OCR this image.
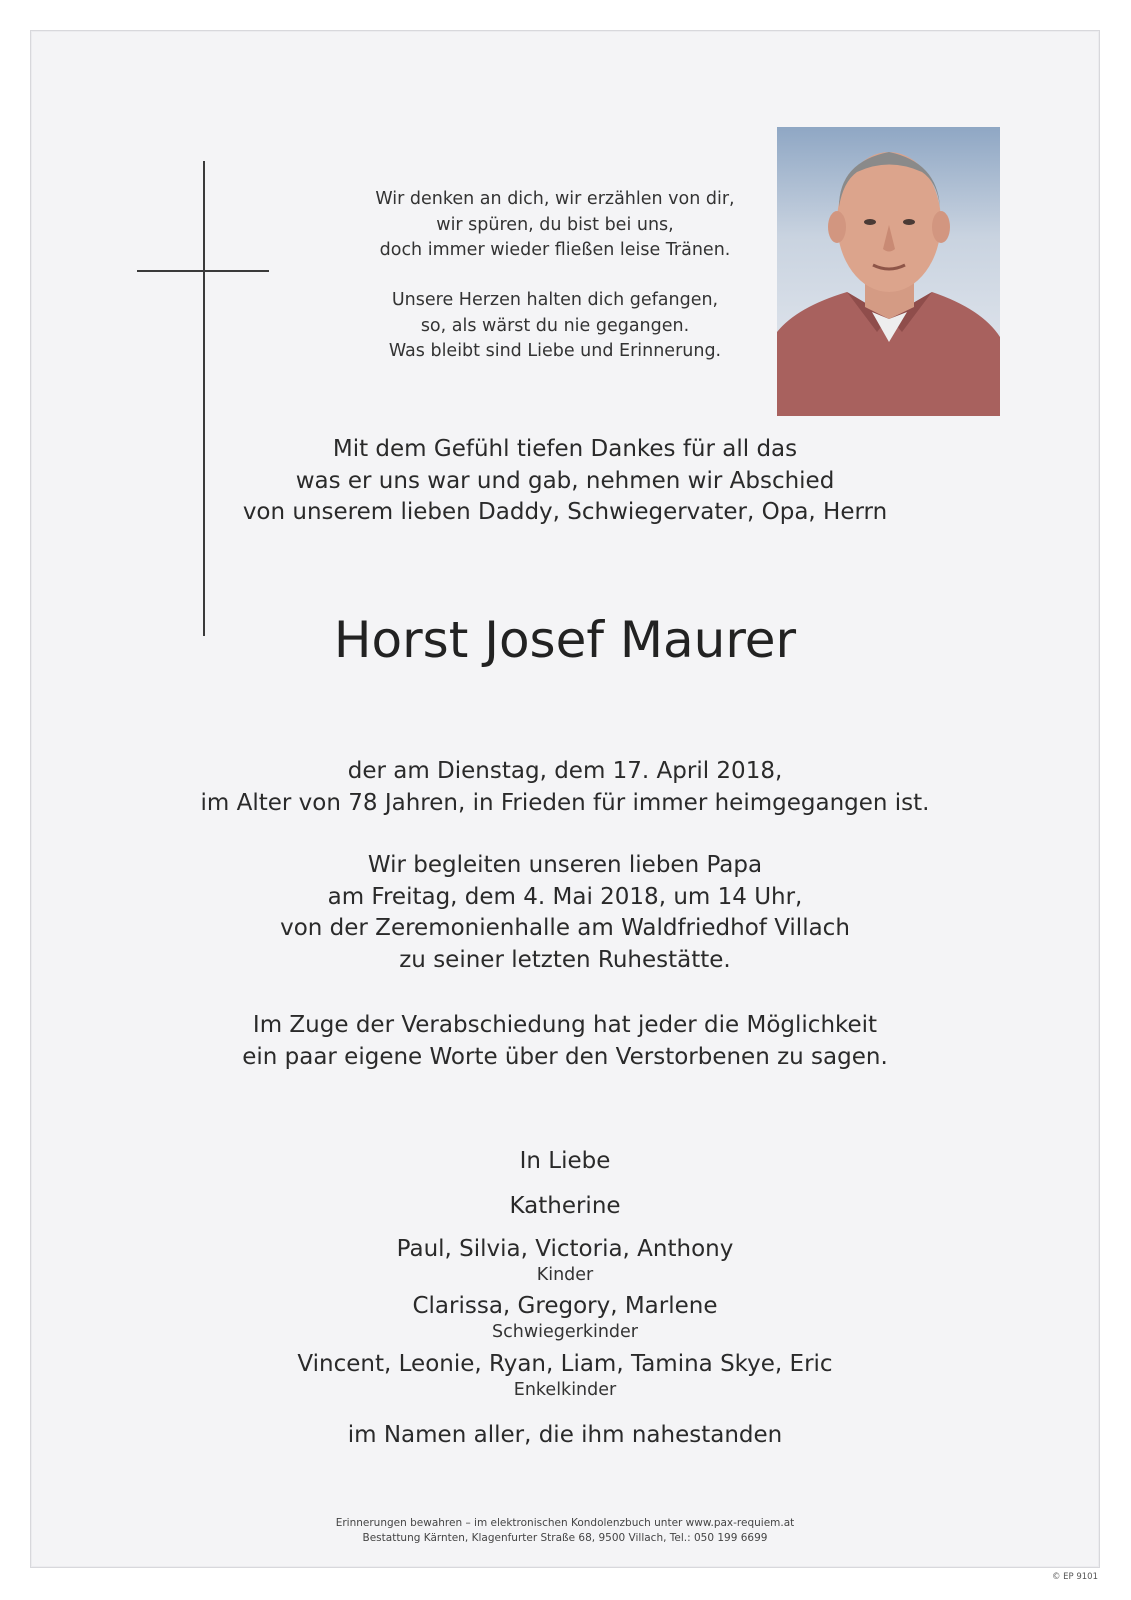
Wir denken an dich, wir erzählen von dir,
wir spüren, du bist bei uns,
doch immer wieder fließen leise Tränen.
Unsere Herzen halten dich gefangen,
so, als wärst du nie gegangen.
Was bleibt sind Liebe und Erinnerung.
Mit dem Gefühl tiefen Dankes für all das
was er uns war und gab, nehmen wir Abschied
von unserem lieben Daddy, Schwiegervater, Opa, Herrn
Horst Josef Maurer
der am Dienstag, dem 17. April 2018,
im Alter von 78 Jahren, in Frieden für immer heimgegangen ist.
Wir begleiten unseren lieben Papa
am Freitag, dem 4. Mai 2018, um 14 Uhr,
von der Zeremonienhalle am Waldfriedhof Villach
zu seiner letzten Ruhestätte.
Im Zuge der Verabschiedung hat jeder die Möglichkeit
ein paar eigene Worte über den Verstorbenen zu sagen.
In Liebe
Katherine
Paul, Silvia, Victoria, Anthony
Kinder
Clarissa, Gregory, Marlene
Schwiegerkinder
Vincent, Leonie, Ryan, Liam, Tamina Skye, Eric
Enkelkinder
im Namen aller, die ihm nahestanden
Erinnerungen bewahren – im elektronischen Kondolenzbuch unter www.pax-requiem.at
Bestattung Kärnten, Klagenfurter Straße 68, 9500 Villach, Tel.: 050 199 6699
© EP 9101
